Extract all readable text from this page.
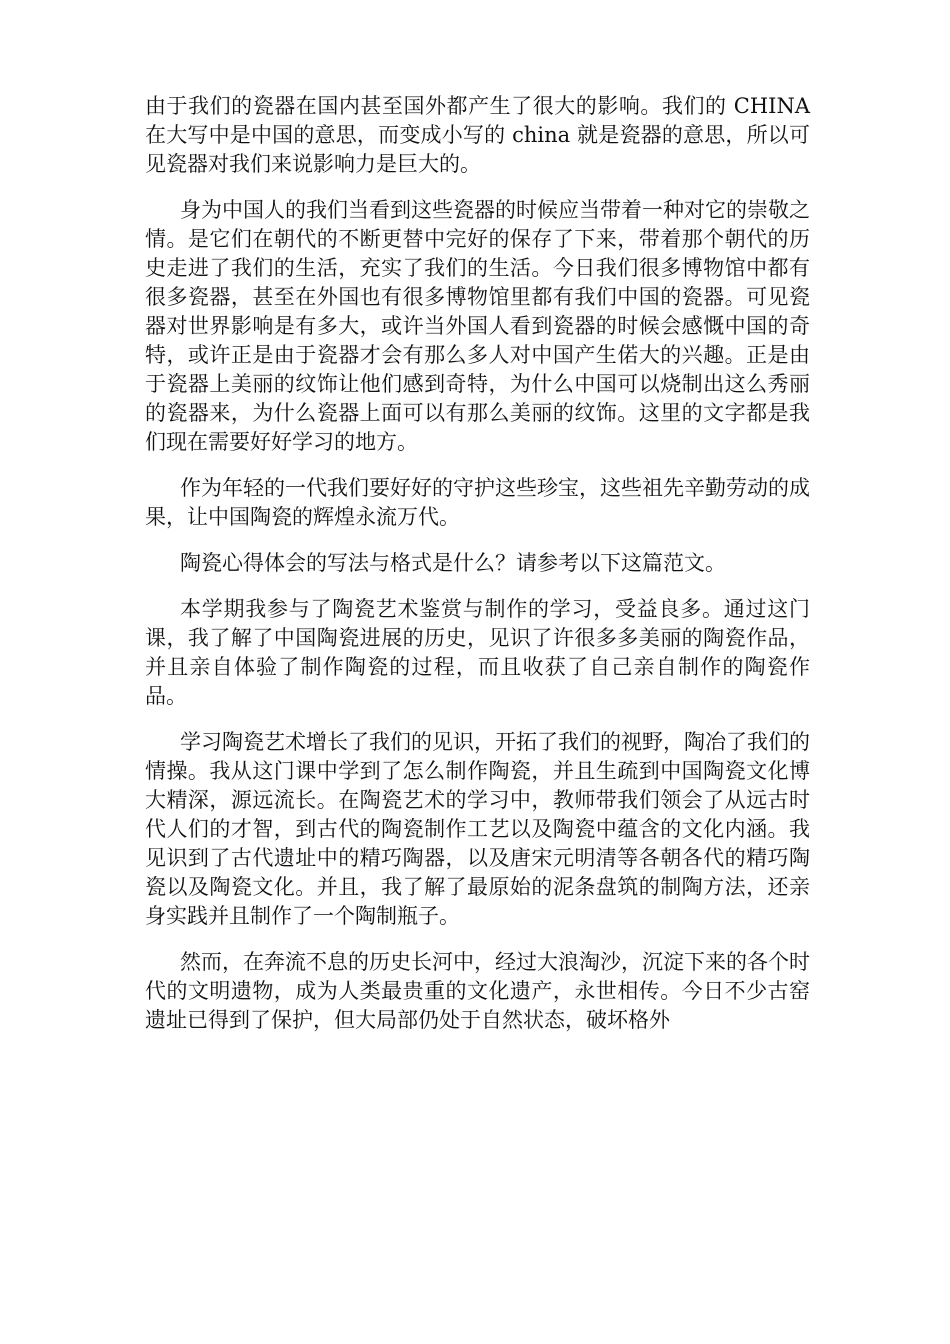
由于我们的瓷器在国内甚至国外都产生了很大的影响。我们的 CHINA 在大写中是中国的意思，而变成小写的 china 就是瓷器的意思，所以可见瓷器对我们来说影响力是巨大的。

身为中国人的我们当看到这些瓷器的时候应当带着一种对它的崇敬之情。是它们在朝代的不断更替中完好的保存了下来，带着那个朝代的历史走进了我们的生活，充实了我们的生活。今日我们很多博物馆中都有很多瓷器，甚至在外国也有很多博物馆里都有我们中国的瓷器。可见瓷器对世界影响是有多大，或许当外国人看到瓷器的时候会感慨中国的奇特，或许正是由于瓷器才会有那么多人对中国产生偌大的兴趣。正是由于瓷器上美丽的纹饰让他们感到奇特，为什么中国可以烧制出这么秀丽的瓷器来，为什么瓷器上面可以有那么美丽的纹饰。这里的文字都是我们现在需要好好学习的地方。

作为年轻的一代我们要好好的守护这些珍宝，这些祖先辛勤劳动的成果，让中国陶瓷的辉煌永流万代。

陶瓷心得体会的写法与格式是什么？请参考以下这篇范文。

本学期我参与了陶瓷艺术鉴赏与制作的学习，受益良多。通过这门课，我了解了中国陶瓷进展的历史，见识了许很多多美丽的陶瓷作品，并且亲自体验了制作陶瓷的过程，而且收获了自己亲自制作的陶瓷作品。

学习陶瓷艺术增长了我们的见识，开拓了我们的视野，陶冶了我们的情操。我从这门课中学到了怎么制作陶瓷，并且生疏到中国陶瓷文化博大精深，源远流长。在陶瓷艺术的学习中，教师带我们领会了从远古时代人们的才智，到古代的陶瓷制作工艺以及陶瓷中蕴含的文化内涵。我见识到了古代遗址中的精巧陶器，以及唐宋元明清等各朝各代的精巧陶瓷以及陶瓷文化。并且，我了解了最原始的泥条盘筑的制陶方法，还亲身实践并且制作了一个陶制瓶子。

然而，在奔流不息的历史长河中，经过大浪淘沙，沉淀下来的各个时代的文明遗物，成为人类最贵重的文化遗产，永世相传。今日不少古窑遗址已得到了保护，但大局部仍处于自然状态，破坏格外
